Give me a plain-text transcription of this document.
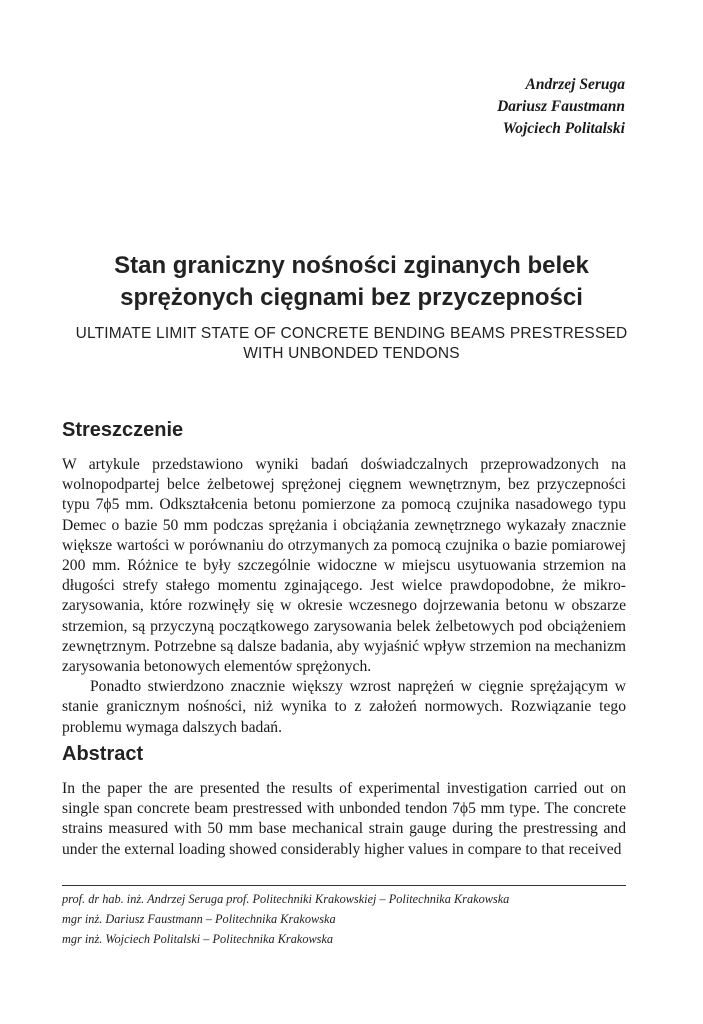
Andrzej Seruga
Dariusz Faustmann
Wojciech Politalski
Stan graniczny nośności zginanych belek
sprężonych cięgnami bez przyczepności
ULTIMATE LIMIT STATE OF CONCRETE BENDING BEAMS PRESTRESSED
WITH UNBONDED TENDONS
Streszczenie

W artykule przedstawiono wyniki badań doświadczalnych przeprowadzonych na wolnopodpartej belce żelbetowej sprężonej cięgnem wewnętrznym, bez przyczepności typu 7ϕ5 mm. Odkształcenia betonu pomierzone za pomocą czujnika nasadowego typu Demec o bazie 50 mm podczas sprężania i obciążania zewnętrznego wykazały znacznie większe wartości w porównaniu do otrzymanych za pomocą czujnika o bazie pomiarowej 200 mm. Różnice te były szczególnie widoczne w miejscu usytuowania strzemion na długości strefy stałego momentu zginającego. Jest wielce prawdopodobne, że mikro-zarysowania, które rozwinęły się w okresie wczesnego dojrzewania betonu w obszarze strzemion, są przyczyną początkowego zarysowania belek żelbetowych pod obciążeniem zewnętrznym. Potrzebne są dalsze badania, aby wyjaśnić wpływ strzemion na mechanizm zarysowania betonowych elementów sprężonych.

Ponadto stwierdzono znacznie większy wzrost naprężeń w cięgnie sprężającym w stanie granicznym nośności, niż wynika to z założeń normowych. Rozwiązanie tego problemu wymaga dalszych badań.

Abstract

In the paper the are presented the results of experimental investigation carried out on single span concrete beam prestressed with unbonded tendon 7ϕ5 mm type. The concrete strains measured with 50 mm base mechanical strain gauge during the prestressing and under the external loading showed considerably higher values in compare to that received

prof. dr hab. inż. Andrzej Seruga prof. Politechniki Krakowskiej – Politechnika Krakowska
mgr inż. Dariusz Faustmann – Politechnika Krakowska
mgr inż. Wojciech Politalski – Politechnika Krakowska
